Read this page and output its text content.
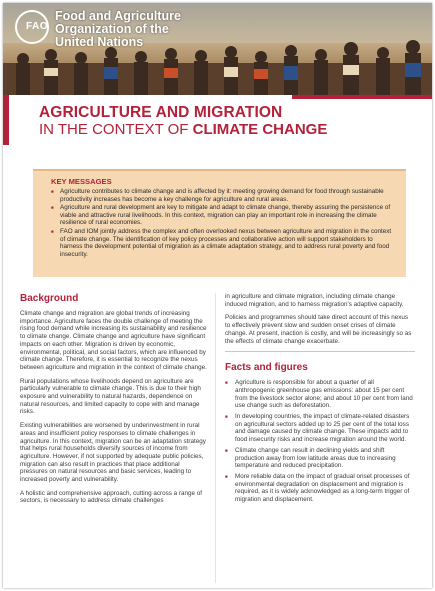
FAO
Food and Agriculture
Organization of the
United Nations
AGRICULTURE AND MIGRATION
IN THE CONTEXT OF CLIMATE CHANGE
KEY MESSAGES
■ Agriculture contributes to climate change and is affected by it: meeting growing demand for food through sustainable productivity increases has become a key challenge for agriculture and rural areas.
■ Agriculture and rural development are key to mitigate and adapt to climate change, thereby assuring the persistence of viable and attractive rural livelihoods. In this context, migration can play an important role in increasing the climate resilience of rural economies.
■ FAO and IOM jointly address the complex and often overlooked nexus between agriculture and migration in the context of climate change. The identification of key policy processes and collaborative action will support stakeholders to harness the development potential of migration as a climate adaptation strategy, and to address rural poverty and food insecurity.
Background

Climate change and migration are global trends of increasing importance. Agriculture faces the double challenge of meeting the rising food demand while increasing its sustainability and resilience to climate change. Climate change and agriculture have significant impacts on each other. Migration is driven by economic, environmental, political, and social factors, which are influenced by climate change. Therefore, it is essential to recognize the nexus between agriculture and migration in the context of climate change.

Rural populations whose livelihoods depend on agriculture are particularly vulnerable to climate change. This is due to their high exposure and vulnerability to natural hazards, dependence on natural resources, and limited capacity to cope with and manage risks.

Existing vulnerabilities are worsened by underinvestment in rural areas and insufficient policy responses to climate challenges in agriculture. In this context, migration can be an adaptation strategy that helps rural households diversify sources of income from agriculture. However, if not supported by adequate public policies, migration can also result in practices that place additional pressures on natural resources and basic services, leading to increased poverty and vulnerability.

A holistic and comprehensive approach, cutting across a range of sectors, is necessary to address climate challenges

in agriculture and climate migration, including climate change induced migration, and to harness migration's adaptive capacity.

Policies and programmes should take direct account of this nexus to effectively prevent slow and sudden onset crises of climate change. At present, inaction is costly, and will be increasingly so as the effects of climate change exacerbate.

Facts and figures
■ Agriculture is responsible for about a quarter of all anthropogenic greenhouse gas emissions: about 15 per cent from the livestock sector alone; and about 10 per cent from land use change such as deforestation.
■ In developing countries, the impact of climate-related disasters on agricultural sectors added up to 25 per cent of the total loss and damage caused by climate change. These impacts add to food insecurity risks and increase migration around the world.
■ Climate change can result in declining yields and shift production away from low latitude areas due to increasing temperature and reduced precipitation.
■ More reliable data on the impact of gradual onset processes of environmental degradation on displacement and migration is required, as it is widely acknowledged as a long-term trigger of migration and displacement.
